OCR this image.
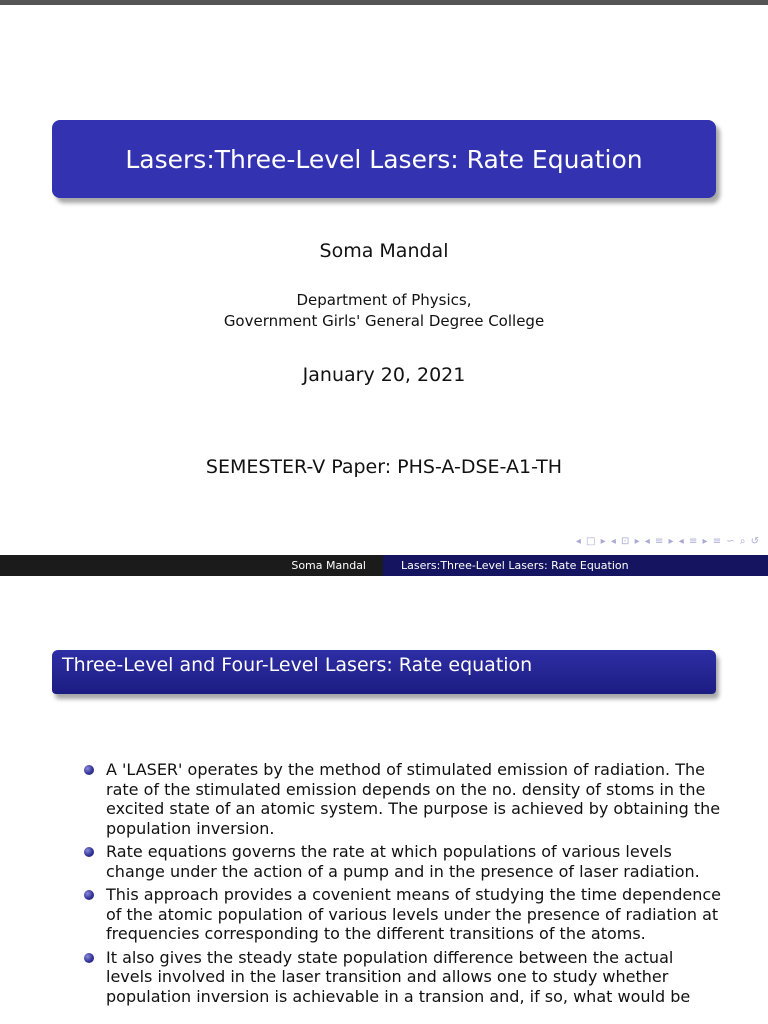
Lasers:Three-Level Lasers: Rate Equation
Soma Mandal
Department of Physics,
Government Girls' General Degree College
January 20, 2021
SEMESTER-V Paper: PHS-A-DSE-A1-TH
◂ □ ▸ ◂ ⊡ ▸ ◂ ≡ ▸ ◂ ≡ ▸ ≡ ∽ ⌕ ↺
Soma Mandal	Lasers:Three-Level Lasers: Rate Equation
Three-Level and Four-Level Lasers: Rate equation
A 'LASER' operates by the method of stimulated emission of radiation. The rate of the stimulated emission depends on the no. density of stoms in the excited state of an atomic system. The purpose is achieved by obtaining the population inversion.
Rate equations governs the rate at which populations of various levels change under the action of a pump and in the presence of laser radiation.
This approach provides a covenient means of studying the time dependence of the atomic population of various levels under the presence of radiation at frequencies corresponding to the different transitions of the atoms.
It also gives the steady state population difference between the actual levels involved in the laser transition and allows one to study whether population inversion is achievable in a transion and, if so, what would be
